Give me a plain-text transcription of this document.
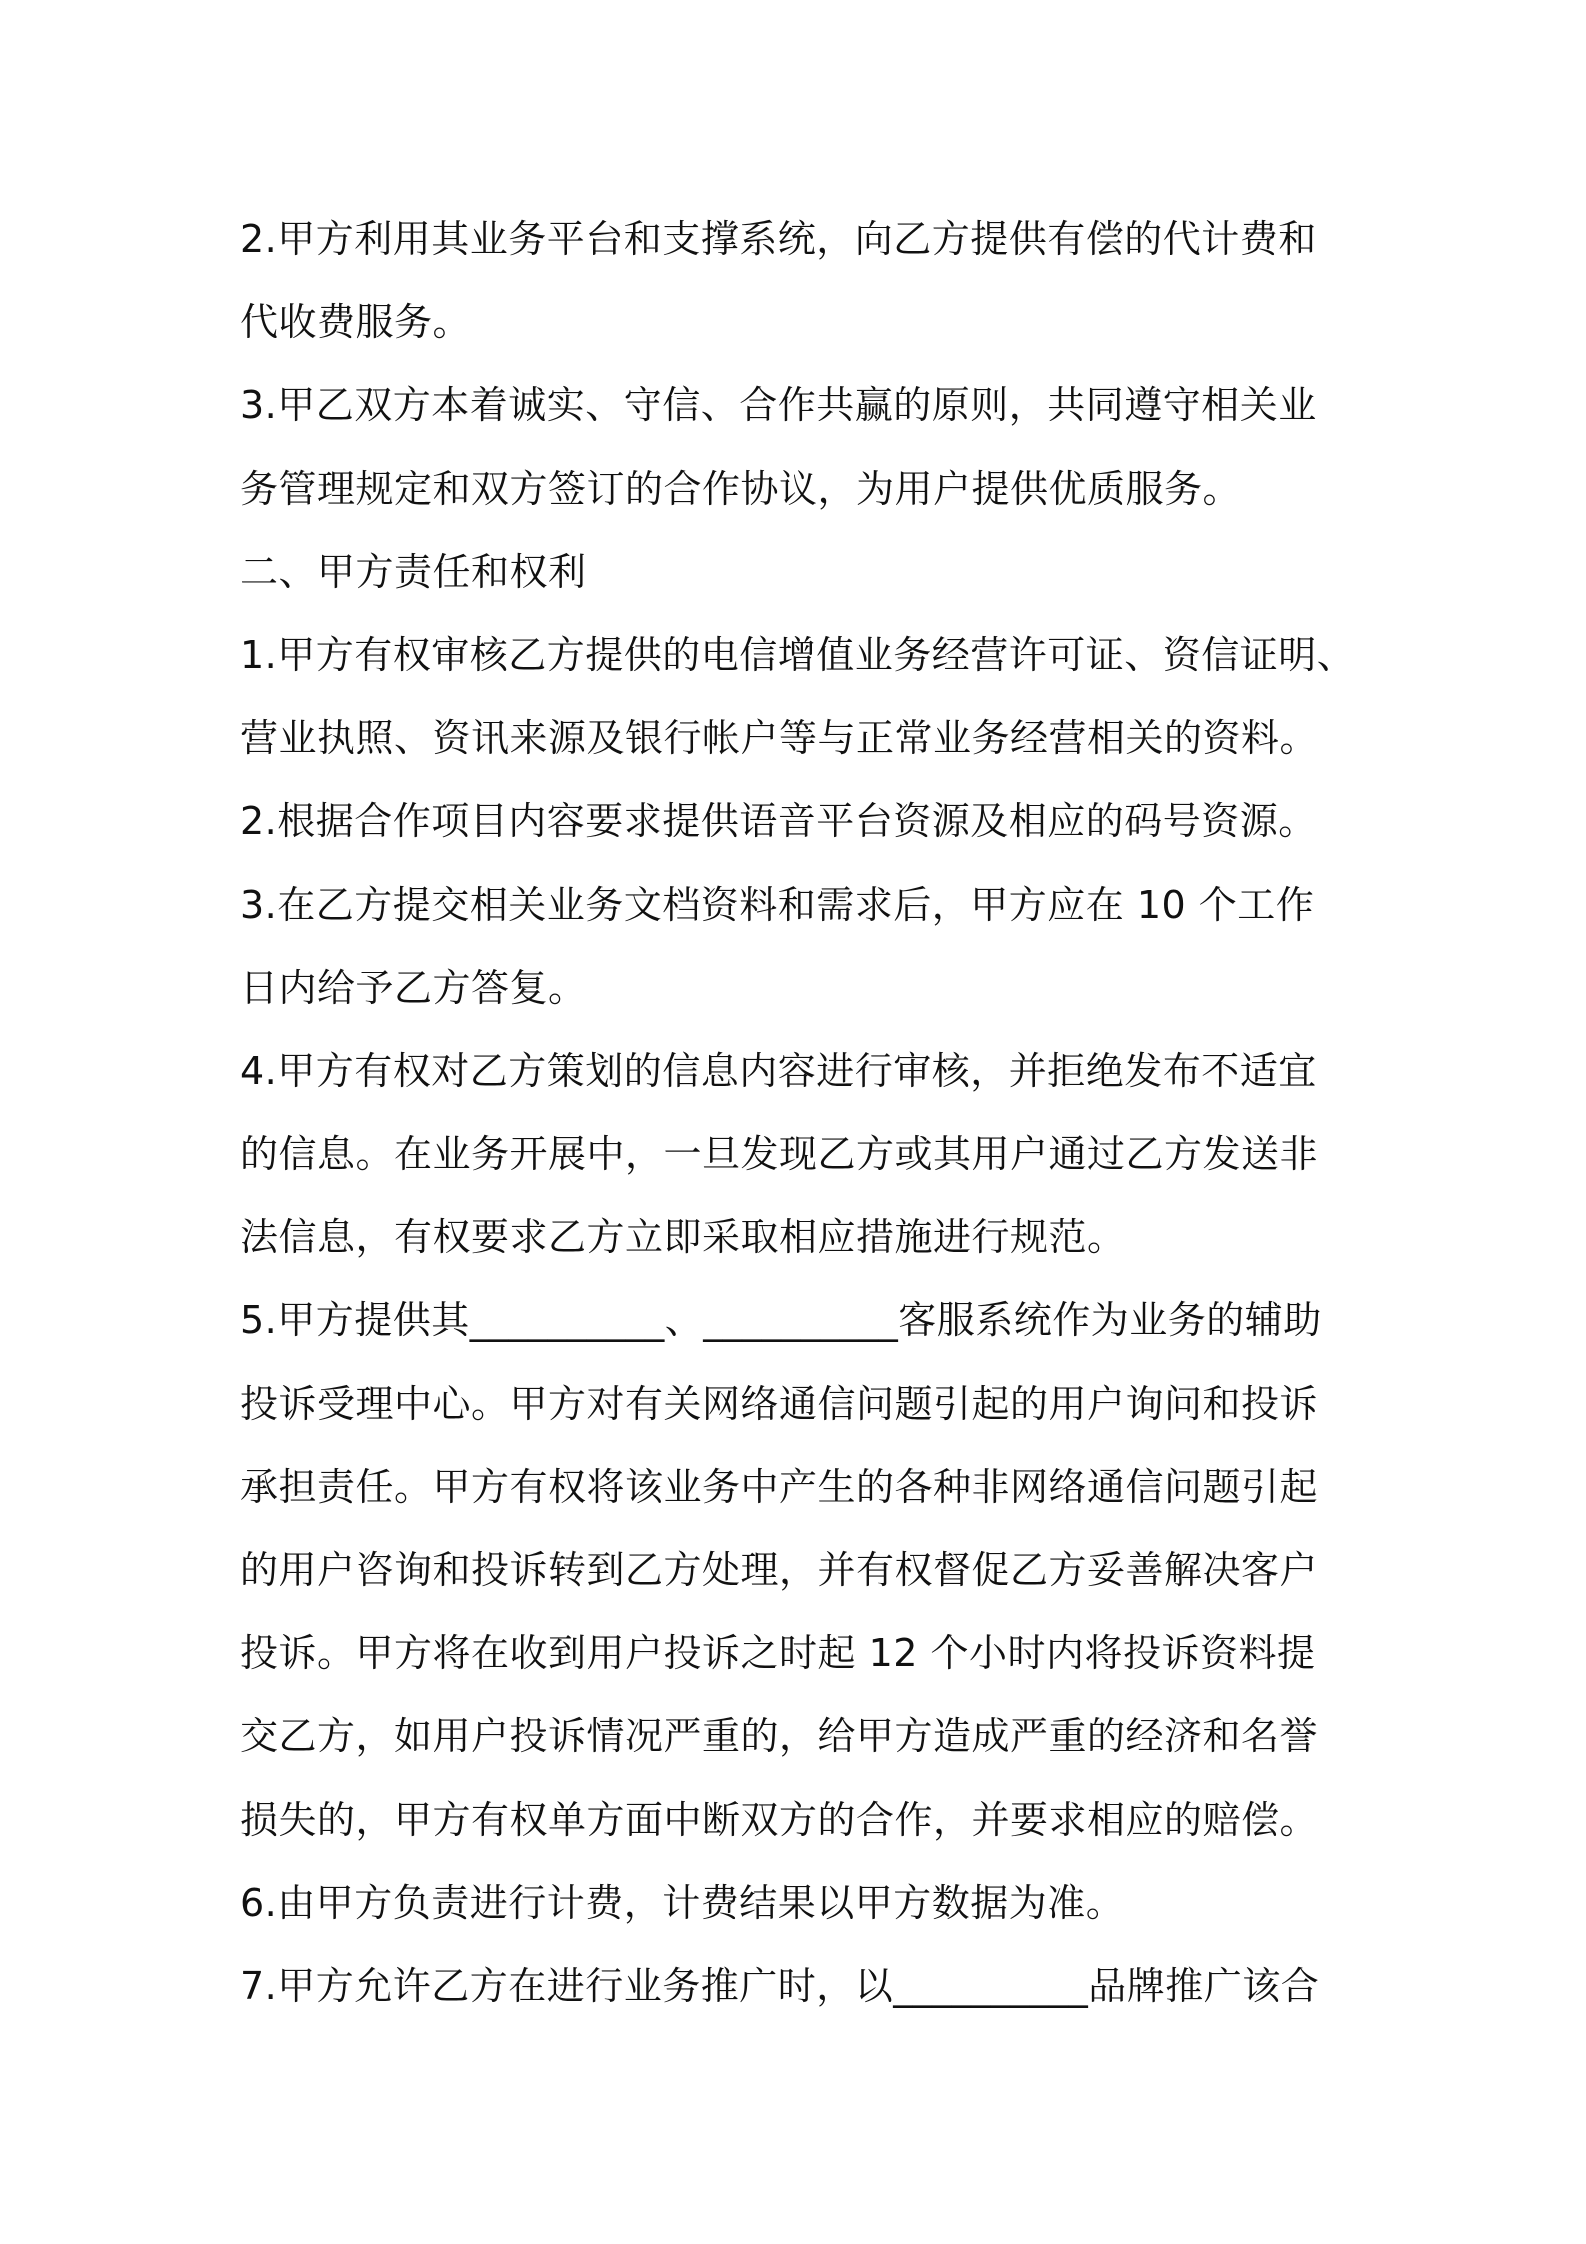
2.甲方利用其业务平台和支撑系统，向乙方提供有偿的代计费和
代收费服务。
3.甲乙双方本着诚实、守信、合作共赢的原则，共同遵守相关业
务管理规定和双方签订的合作协议，为用户提供优质服务。
二、甲方责任和权利
1.甲方有权审核乙方提供的电信增值业务经营许可证、资信证明、
营业执照、资讯来源及银行帐户等与正常业务经营相关的资料。
2.根据合作项目内容要求提供语音平台资源及相应的码号资源。
3.在乙方提交相关业务文档资料和需求后，甲方应在 10 个工作
日内给予乙方答复。
4.甲方有权对乙方策划的信息内容进行审核，并拒绝发布不适宜
的信息。在业务开展中，一旦发现乙方或其用户通过乙方发送非
法信息，有权要求乙方立即采取相应措施进行规范。
5.甲方提供其__________、__________客服系统作为业务的辅助
投诉受理中心。甲方对有关网络通信问题引起的用户询问和投诉
承担责任。甲方有权将该业务中产生的各种非网络通信问题引起
的用户咨询和投诉转到乙方处理，并有权督促乙方妥善解决客户
投诉。甲方将在收到用户投诉之时起 12 个小时内将投诉资料提
交乙方，如用户投诉情况严重的，给甲方造成严重的经济和名誉
损失的，甲方有权单方面中断双方的合作，并要求相应的赔偿。
6.由甲方负责进行计费，计费结果以甲方数据为准。
7.甲方允许乙方在进行业务推广时，以__________品牌推广该合
